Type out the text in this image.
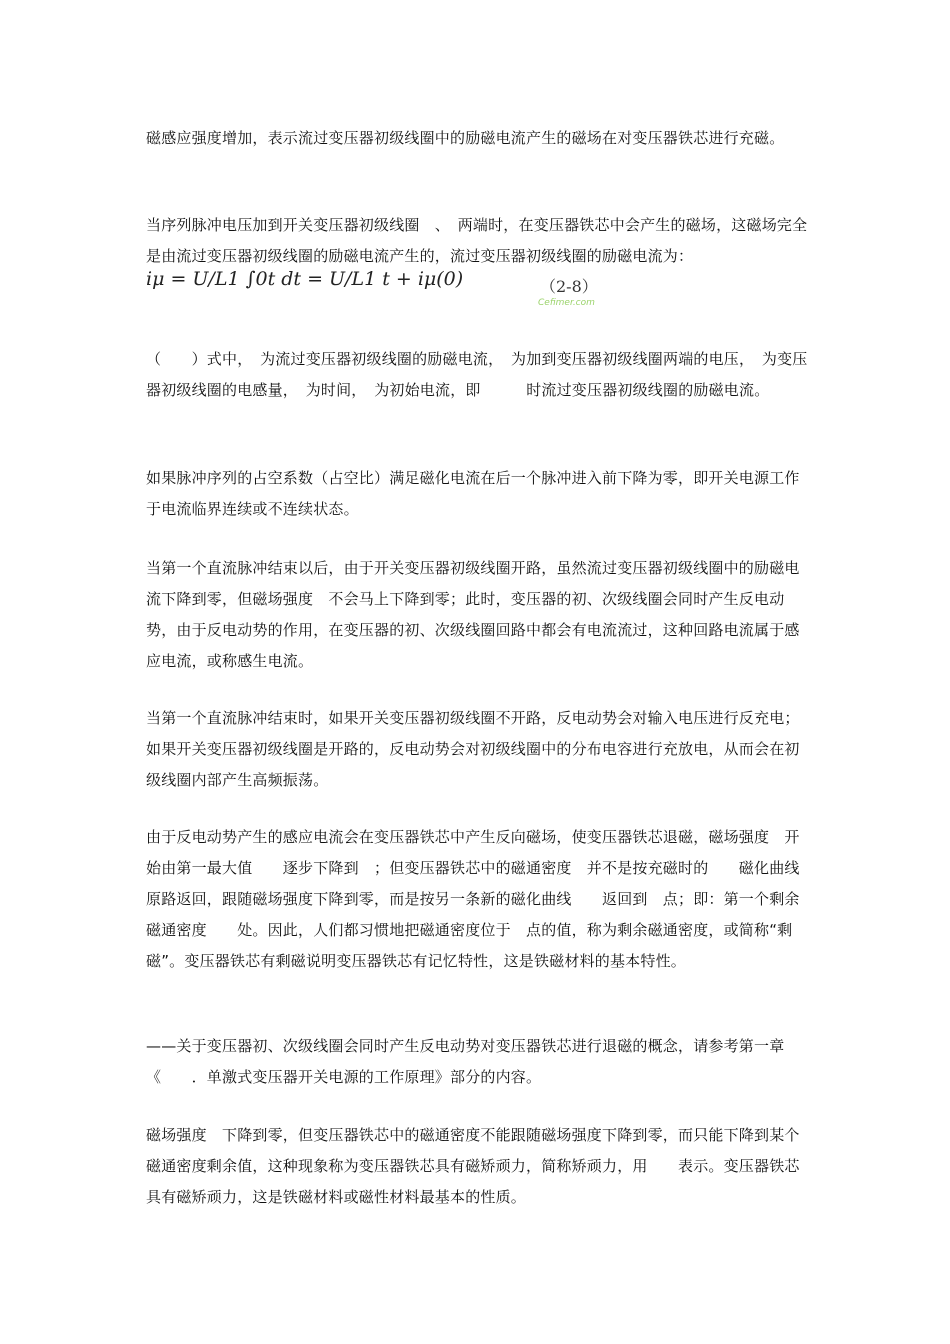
磁感应强度增加，表示流过变压器初级线圈中的励磁电流产生的磁场在对变压器铁芯进行充磁。

当序列脉冲电压加到开关变压器初级线圈　、　两端时，在变压器铁芯中会产生的磁场，这磁场完全是由流过变压器初级线圈的励磁电流产生的，流过变压器初级线圈的励磁电流为：

iμ = U/L1 ∫0t dt = U/L1 t + iμ(0)	（2-8）
Cefimer.com

（　　）式中，　为流过变压器初级线圈的励磁电流，　为加到变压器初级线圈两端的电压，　为变压器初级线圈的电感量，　为时间，　为初始电流，即　　　时流过变压器初级线圈的励磁电流。

如果脉冲序列的占空系数（占空比）满足磁化电流在后一个脉冲进入前下降为零，即开关电源工作于电流临界连续或不连续状态。

当第一个直流脉冲结束以后，由于开关变压器初级线圈开路，虽然流过变压器初级线圈中的励磁电流下降到零，但磁场强度　不会马上下降到零；此时，变压器的初、次级线圈会同时产生反电动势，由于反电动势的作用，在变压器的初、次级线圈回路中都会有电流流过，这种回路电流属于感应电流，或称感生电流。

当第一个直流脉冲结束时，如果开关变压器初级线圈不开路，反电动势会对输入电压进行反充电；如果开关变压器初级线圈是开路的，反电动势会对初级线圈中的分布电容进行充放电，从而会在初级线圈内部产生高频振荡。

由于反电动势产生的感应电流会在变压器铁芯中产生反向磁场，使变压器铁芯退磁，磁场强度　开始由第一最大值　　逐步下降到　；但变压器铁芯中的磁通密度　并不是按充磁时的　　磁化曲线原路返回，跟随磁场强度下降到零，而是按另一条新的磁化曲线　　返回到　点；即：第一个剩余磁通密度　　处。因此，人们都习惯地把磁通密度位于　点的值，称为剩余磁通密度，或简称“剩磁”。变压器铁芯有剩磁说明变压器铁芯有记忆特性，这是铁磁材料的基本特性。

——关于变压器初、次级线圈会同时产生反电动势对变压器铁芯进行退磁的概念，请参考第一章《　　．单激式变压器开关电源的工作原理》部分的内容。

磁场强度　下降到零，但变压器铁芯中的磁通密度不能跟随磁场强度下降到零，而只能下降到某个磁通密度剩余值，这种现象称为变压器铁芯具有磁矫顽力，简称矫顽力，用　　表示。变压器铁芯具有磁矫顽力，这是铁磁材料或磁性材料最基本的性质。
